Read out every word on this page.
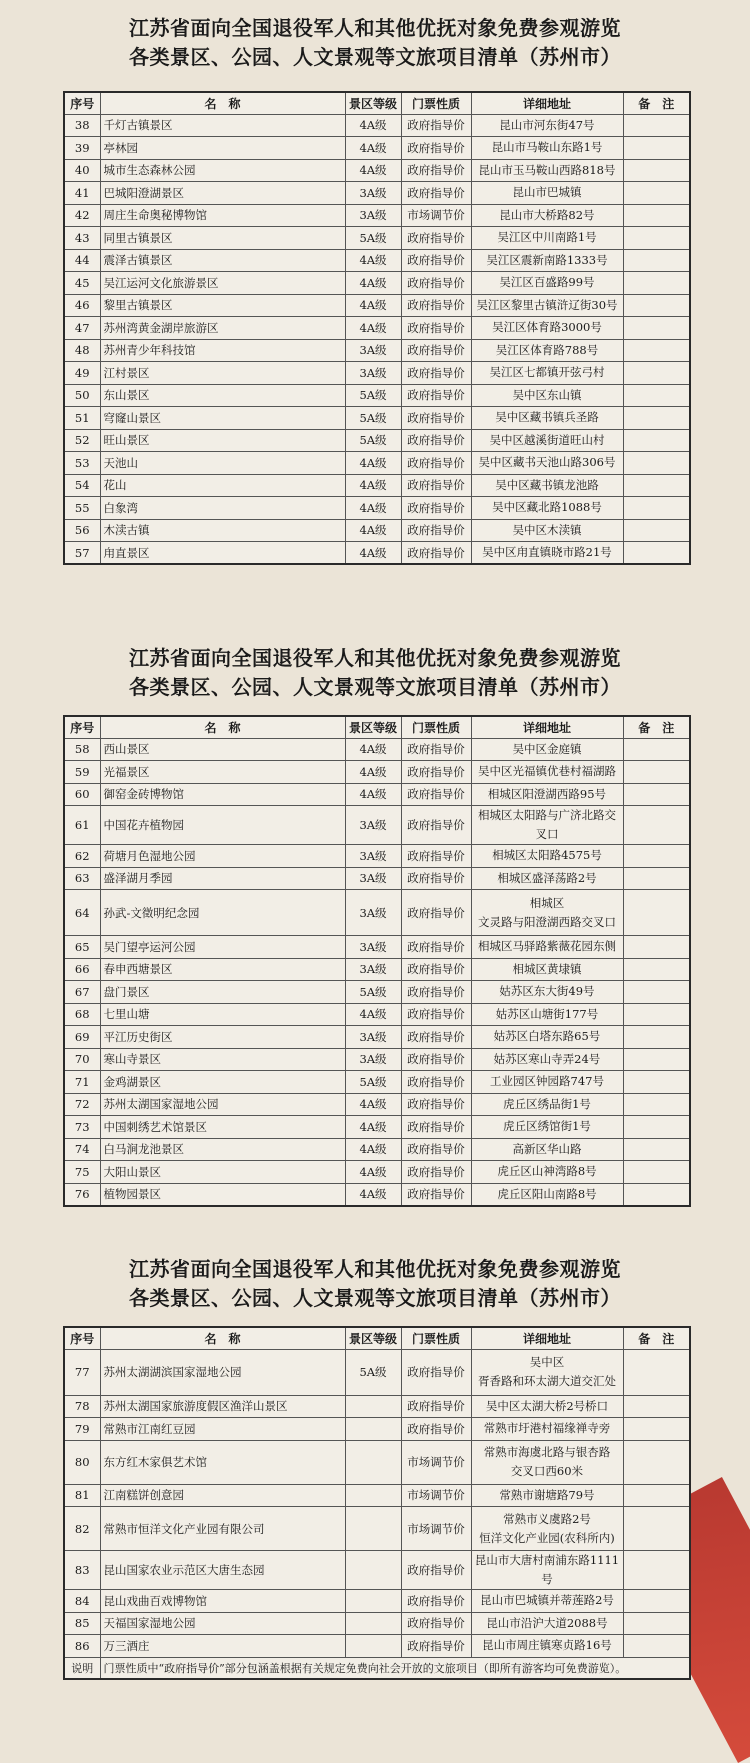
江苏省面向全国退役军人和其他优抚对象免费参观游览
各类景区、公园、人文景观等文旅项目清单（苏州市）
序号	名　称	景区等级	门票性质	详细地址	备　注
38	千灯古镇景区	4A级	政府指导价	昆山市河东街47号	
39	亭林园	4A级	政府指导价	昆山市马鞍山东路1号	
40	城市生态森林公园	4A级	政府指导价	昆山市玉马鞍山西路818号	
41	巴城阳澄湖景区	3A级	政府指导价	昆山市巴城镇	
42	周庄生命奥秘博物馆	3A级	市场调节价	昆山市大桥路82号	
43	同里古镇景区	5A级	政府指导价	吴江区中川南路1号	
44	震泽古镇景区	4A级	政府指导价	吴江区震新南路1333号	
45	吴江运河文化旅游景区	4A级	政府指导价	吴江区百盛路99号	
46	黎里古镇景区	4A级	政府指导价	吴江区黎里古镇浒辽街30号	
47	苏州湾黄金湖岸旅游区	4A级	政府指导价	吴江区体育路3000号	
48	苏州青少年科技馆	3A级	政府指导价	吴江区体育路788号	
49	江村景区	3A级	政府指导价	吴江区七都镇开弦弓村	
50	东山景区	5A级	政府指导价	吴中区东山镇	
51	穹窿山景区	5A级	政府指导价	吴中区藏书镇兵圣路	
52	旺山景区	5A级	政府指导价	吴中区越溪街道旺山村	
53	天池山	4A级	政府指导价	吴中区藏书天池山路306号	
54	花山	4A级	政府指导价	吴中区藏书镇龙池路	
55	白象湾	4A级	政府指导价	吴中区藏北路1088号	
56	木渎古镇	4A级	政府指导价	吴中区木渎镇	
57	甪直景区	4A级	政府指导价	吴中区甪直镇晓市路21号	
江苏省面向全国退役军人和其他优抚对象免费参观游览
各类景区、公园、人文景观等文旅项目清单（苏州市）
序号	名　称	景区等级	门票性质	详细地址	备　注
58	西山景区	4A级	政府指导价	吴中区金庭镇	
59	光福景区	4A级	政府指导价	吴中区光福镇优巷村福湖路	
60	御窑金砖博物馆	4A级	政府指导价	相城区阳澄湖西路95号	
61	中国花卉植物园	3A级	政府指导价	相城区太阳路与广济北路交叉口	
62	荷塘月色湿地公园	3A级	政府指导价	相城区太阳路4575号	
63	盛泽湖月季园	3A级	政府指导价	相城区盛泽荡路2号	
64	孙武-文徵明纪念园	3A级	政府指导价	相城区
文灵路与阳澄湖西路交叉口	
65	吴门望亭运河公园	3A级	政府指导价	相城区马驿路紫薇花园东侧	
66	春申西塘景区	3A级	政府指导价	相城区黄埭镇	
67	盘门景区	5A级	政府指导价	姑苏区东大街49号	
68	七里山塘	4A级	政府指导价	姑苏区山塘街177号	
69	平江历史街区	3A级	政府指导价	姑苏区白塔东路65号	
70	寒山寺景区	3A级	政府指导价	姑苏区寒山寺弄24号	
71	金鸡湖景区	5A级	政府指导价	工业园区钟园路747号	
72	苏州太湖国家湿地公园	4A级	政府指导价	虎丘区绣品街1号	
73	中国刺绣艺术馆景区	4A级	政府指导价	虎丘区绣馆街1号	
74	白马涧龙池景区	4A级	政府指导价	高新区华山路	
75	大阳山景区	4A级	政府指导价	虎丘区山神湾路8号	
76	植物园景区	4A级	政府指导价	虎丘区阳山南路8号	
江苏省面向全国退役军人和其他优抚对象免费参观游览
各类景区、公园、人文景观等文旅项目清单（苏州市）
序号	名　称	景区等级	门票性质	详细地址	备　注
77	苏州太湖湖滨国家湿地公园	5A级	政府指导价	吴中区
胥香路和环太湖大道交汇处	
78	苏州太湖国家旅游度假区渔洋山景区		政府指导价	吴中区太湖大桥2号桥口	
79	常熟市江南红豆园		政府指导价	常熟市圩港村福缘禅寺旁	
80	东方红木家俱艺术馆		市场调节价	常熟市海虞北路与银杏路
交叉口西60米	
81	江南糕饼创意园		市场调节价	常熟市谢塘路79号	
82	常熟市恒洋文化产业园有限公司		市场调节价	常熟市义虞路2号
恒洋文化产业园(农科所内)	
83	昆山国家农业示范区大唐生态园		政府指导价	昆山市大唐村南浦东路1111号	
84	昆山戏曲百戏博物馆		政府指导价	昆山市巴城镇并蒂莲路2号	
85	天福国家湿地公园		政府指导价	昆山市沿沪大道2088号	
86	万三酒庄		政府指导价	昆山市周庄镇寒贞路16号	
说明	门票性质中“政府指导价”部分包涵盖根据有关规定免费向社会开放的文旅项目（即所有游客均可免费游览）。				
